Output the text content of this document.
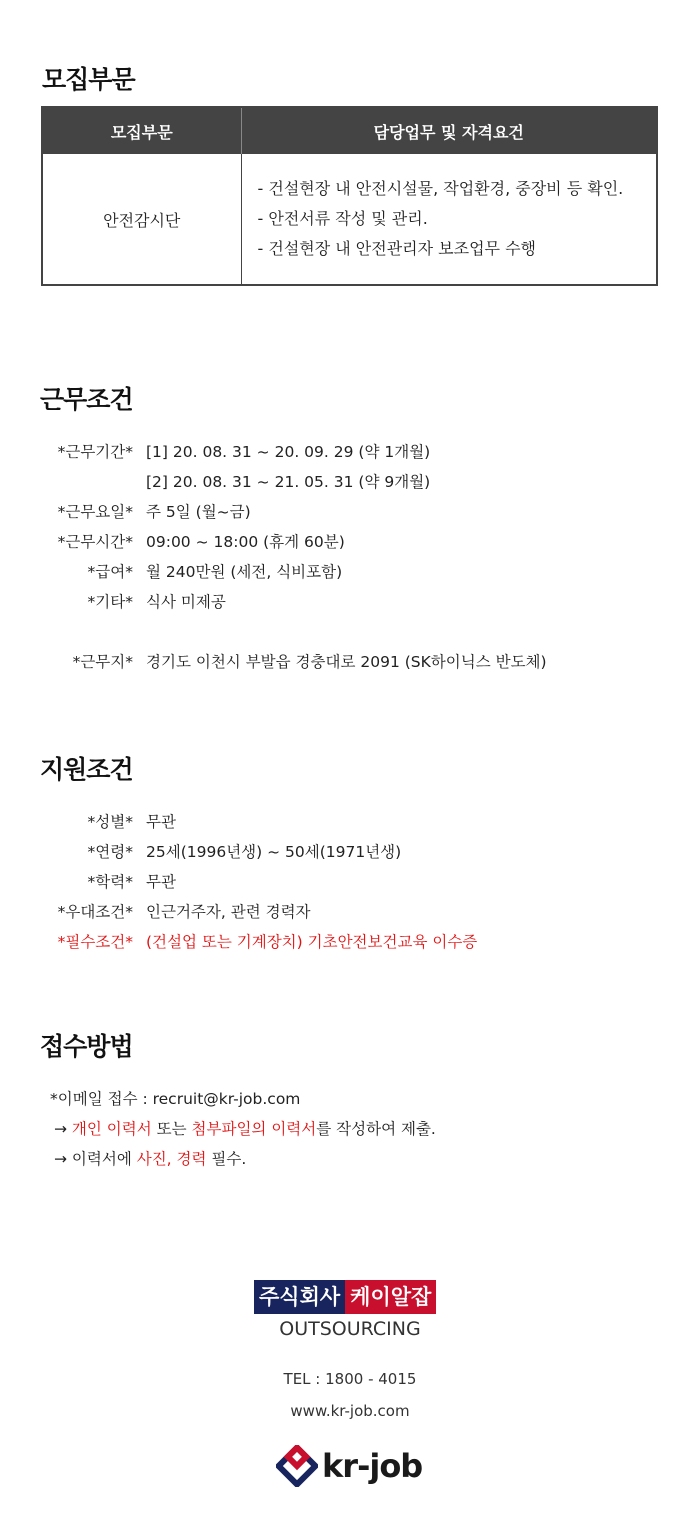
모집부문
모집부문	담당업무 및 자격요건
안전감시단	- 건설현장 내 안전시설물, 작업환경, 중장비 등 확인.
- 안전서류 작성 및 관리.
- 건설현장 내 안전관리자 보조업무 수행
근무조건
*근무기간* [1] 20. 08. 31 ~ 20. 09. 29 (약 1개월)
[2] 20. 08. 31 ~ 21. 05. 31 (약 9개월)
*근무요일* 주 5일 (월~금)
*근무시간* 09:00 ~ 18:00 (휴게 60분)
*급여* 월 240만원 (세전, 식비포함)
*기타* 식사 미제공
*근무지* 경기도 이천시 부발읍 경충대로 2091 (SK하이닉스 반도체)
지원조건
*성별* 무관
*연령* 25세(1996년생) ~ 50세(1971년생)
*학력* 무관
*우대조건* 인근거주자, 관련 경력자
*필수조건* (건설업 또는 기계장치) 기초안전보건교육 이수증
접수방법
*이메일 접수 : recruit@kr-job.com
→ 개인 이력서 또는 첨부파일의 이력서를 작성하여 제출.
→ 이력서에 사진, 경력 필수.
주식회사 케이알잡
OUTSOURCING
TEL : 1800 - 4015
www.kr-job.com
kr-job
